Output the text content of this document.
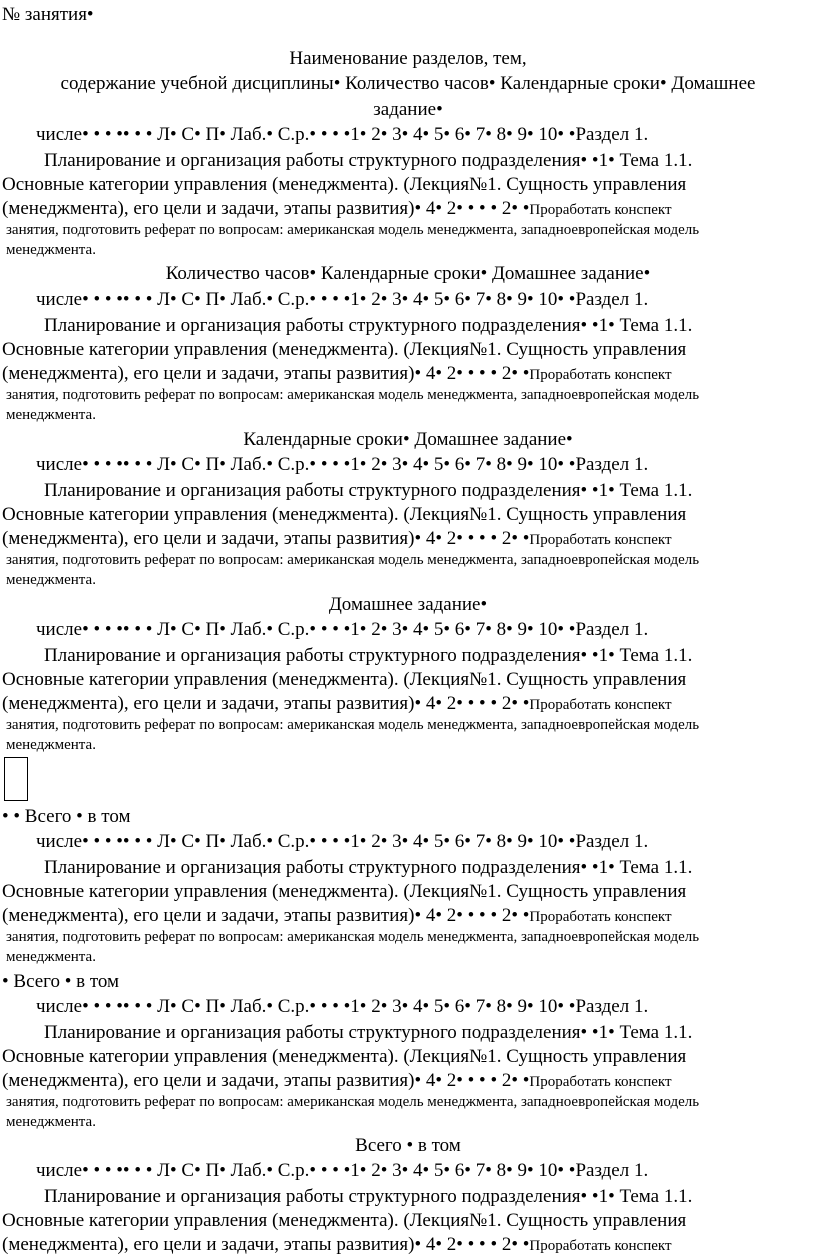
№ занятия•
Наименование разделов, тем,
содержание учебной дисциплины• Количество часов• Календарные сроки• Домашнее
задание•
числе• • • •• • • Л• С• П• Лаб.• С.р.• • • •1• 2• 3• 4• 5• 6• 7• 8• 9• 10• •Раздел 1.
Планирование и организация работы структурного подразделения• •1• Тема 1.1.
Основные категории управления (менеджмента). (Лекция№1. Сущность управления
(менеджмента), его цели и задачи, этапы развития)• 4• 2• • • • 2• •Проработать конспект
занятия, подготовить реферат по вопросам: американская модель менеджмента, западноевропейская модель
менеджмента.
Количество часов• Календарные сроки• Домашнее задание•
числе• • • •• • • Л• С• П• Лаб.• С.р.• • • •1• 2• 3• 4• 5• 6• 7• 8• 9• 10• •Раздел 1.
Планирование и организация работы структурного подразделения• •1• Тема 1.1.
Основные категории управления (менеджмента). (Лекция№1. Сущность управления
(менеджмента), его цели и задачи, этапы развития)• 4• 2• • • • 2• •Проработать конспект
занятия, подготовить реферат по вопросам: американская модель менеджмента, западноевропейская модель
менеджмента.
Календарные сроки• Домашнее задание•
числе• • • •• • • Л• С• П• Лаб.• С.р.• • • •1• 2• 3• 4• 5• 6• 7• 8• 9• 10• •Раздел 1.
Планирование и организация работы структурного подразделения• •1• Тема 1.1.
Основные категории управления (менеджмента). (Лекция№1. Сущность управления
(менеджмента), его цели и задачи, этапы развития)• 4• 2• • • • 2• •Проработать конспект
занятия, подготовить реферат по вопросам: американская модель менеджмента, западноевропейская модель
менеджмента.
Домашнее задание•
числе• • • •• • • Л• С• П• Лаб.• С.р.• • • •1• 2• 3• 4• 5• 6• 7• 8• 9• 10• •Раздел 1.
Планирование и организация работы структурного подразделения• •1• Тема 1.1.
Основные категории управления (менеджмента). (Лекция№1. Сущность управления
(менеджмента), его цели и задачи, этапы развития)• 4• 2• • • • 2• •Проработать конспект
занятия, подготовить реферат по вопросам: американская модель менеджмента, западноевропейская модель
менеджмента.
• • Всего • в том
числе• • • •• • • Л• С• П• Лаб.• С.р.• • • •1• 2• 3• 4• 5• 6• 7• 8• 9• 10• •Раздел 1.
Планирование и организация работы структурного подразделения• •1• Тема 1.1.
Основные категории управления (менеджмента). (Лекция№1. Сущность управления
(менеджмента), его цели и задачи, этапы развития)• 4• 2• • • • 2• •Проработать конспект
занятия, подготовить реферат по вопросам: американская модель менеджмента, западноевропейская модель
менеджмента.
• Всего • в том
числе• • • •• • • Л• С• П• Лаб.• С.р.• • • •1• 2• 3• 4• 5• 6• 7• 8• 9• 10• •Раздел 1.
Планирование и организация работы структурного подразделения• •1• Тема 1.1.
Основные категории управления (менеджмента). (Лекция№1. Сущность управления
(менеджмента), его цели и задачи, этапы развития)• 4• 2• • • • 2• •Проработать конспект
занятия, подготовить реферат по вопросам: американская модель менеджмента, западноевропейская модель
менеджмента.
Всего • в том
числе• • • •• • • Л• С• П• Лаб.• С.р.• • • •1• 2• 3• 4• 5• 6• 7• 8• 9• 10• •Раздел 1.
Планирование и организация работы структурного подразделения• •1• Тема 1.1.
Основные категории управления (менеджмента). (Лекция№1. Сущность управления
(менеджмента), его цели и задачи, этапы развития)• 4• 2• • • • 2• •Проработать конспект
